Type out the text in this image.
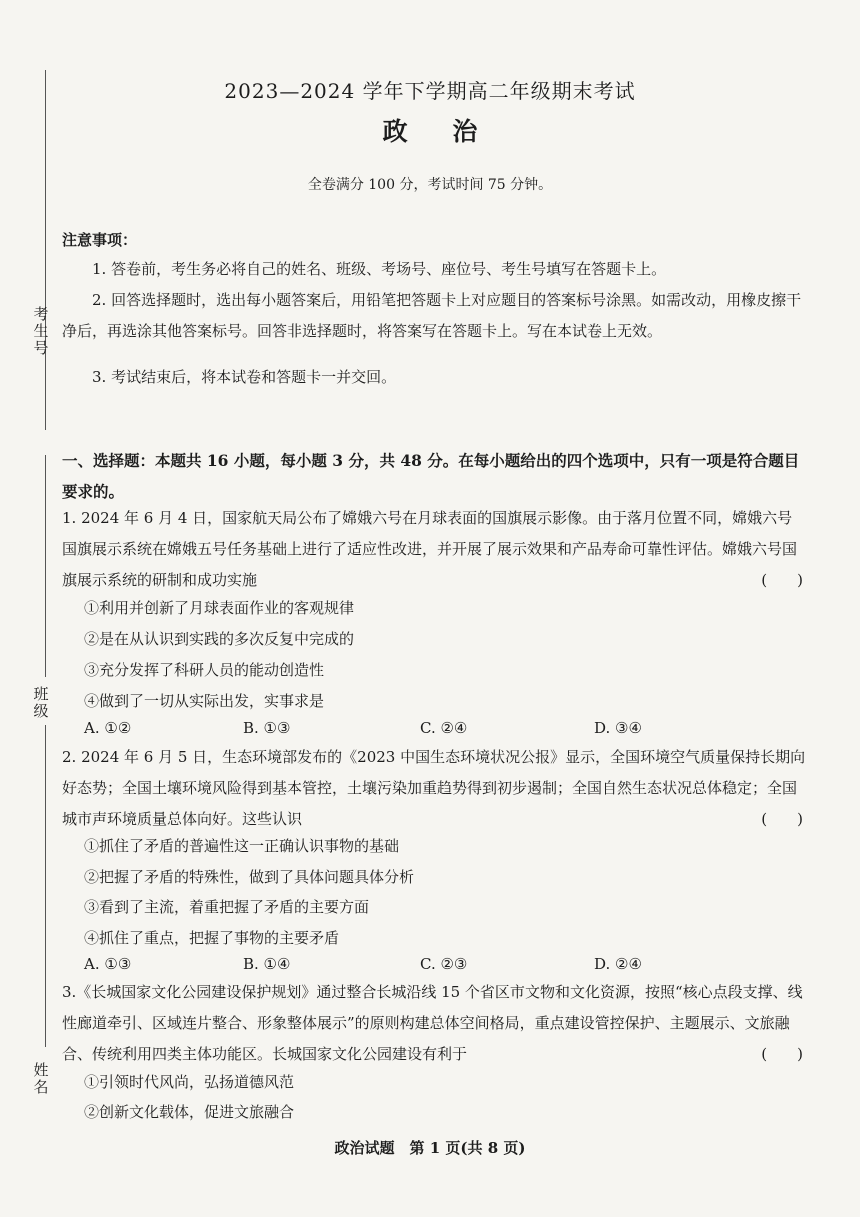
考生号
班级
姓名
2023—2024 学年下学期高二年级期末考试
政 治
全卷满分 100 分，考试时间 75 分钟。
注意事项：

1. 答卷前，考生务必将自己的姓名、班级、考场号、座位号、考生号填写在答题卡上。

2. 回答选择题时，选出每小题答案后，用铅笔把答题卡上对应题目的答案标号涂黑。如需改动，用橡皮擦干净后，再选涂其他答案标号。回答非选择题时，将答案写在答题卡上。写在本试卷上无效。

3. 考试结束后，将本试卷和答题卡一并交回。

一、选择题：本题共 16 小题，每小题 3 分，共 48 分。在每小题给出的四个选项中，只有一项是符合题目要求的。

1. 2024 年 6 月 4 日，国家航天局公布了嫦娥六号在月球表面的国旗展示影像。由于落月位置不同，嫦娥六号国旗展示系统在嫦娥五号任务基础上进行了适应性改进，并开展了展示效果和产品寿命可靠性评估。嫦娥六号国旗展示系统的研制和成功实施	(　　)

①利用并创新了月球表面作业的客观规律
②是在从认识到实践的多次反复中完成的
③充分发挥了科研人员的能动创造性
④做到了一切从实际出发，实事求是
A. ①②	B. ①③	C. ②④	D. ③④

2. 2024 年 6 月 5 日，生态环境部发布的《2023 中国生态环境状况公报》显示，全国环境空气质量保持长期向好态势；全国土壤环境风险得到基本管控，土壤污染加重趋势得到初步遏制；全国自然生态状况总体稳定；全国城市声环境质量总体向好。这些认识	(　　)

①抓住了矛盾的普遍性这一正确认识事物的基础
②把握了矛盾的特殊性，做到了具体问题具体分析
③看到了主流，着重把握了矛盾的主要方面
④抓住了重点，把握了事物的主要矛盾
A. ①③	B. ①④	C. ②③	D. ②④

3.《长城国家文化公园建设保护规划》通过整合长城沿线 15 个省区市文物和文化资源，按照“核心点段支撑、线性廊道牵引、区域连片整合、形象整体展示”的原则构建总体空间格局，重点建设管控保护、主题展示、文旅融合、传统利用四类主体功能区。长城国家文化公园建设有利于	(　　)

①引领时代风尚，弘扬道德风范
②创新文化载体，促进文旅融合
政治试题　第 1 页(共 8 页)
